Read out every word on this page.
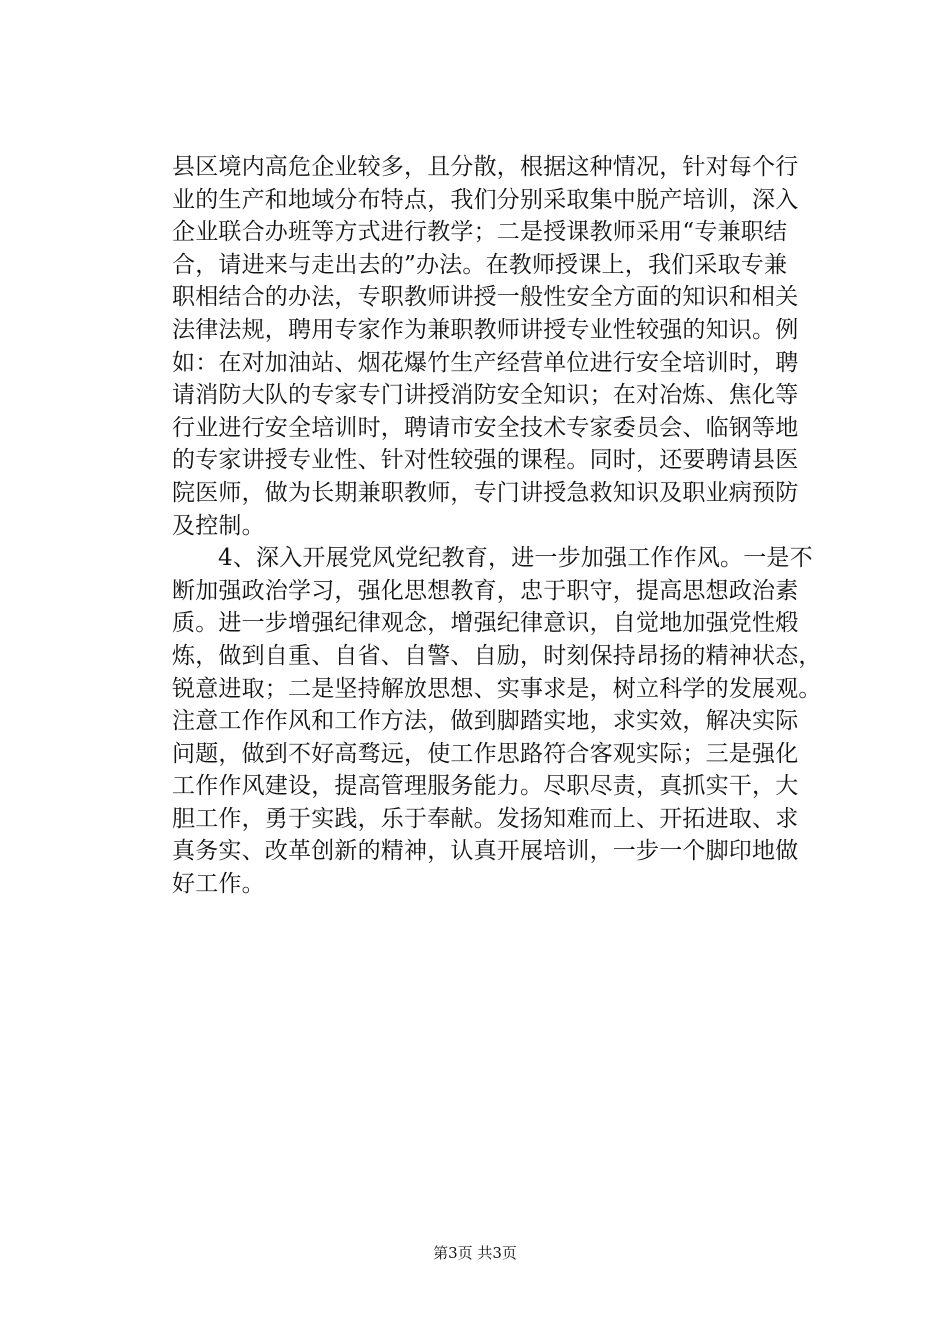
县区境内高危企业较多，且分散，根据这种情况，针对每个行
业的生产和地域分布特点，我们分别采取集中脱产培训，深入
企业联合办班等方式进行教学；二是授课教师采用“专兼职结
合，请进来与走出去的”办法。在教师授课上，我们采取专兼
职相结合的办法，专职教师讲授一般性安全方面的知识和相关
法律法规，聘用专家作为兼职教师讲授专业性较强的知识。例
如：在对加油站、烟花爆竹生产经营单位进行安全培训时，聘
请消防大队的专家专门讲授消防安全知识；在对冶炼、焦化等
行业进行安全培训时，聘请市安全技术专家委员会、临钢等地
的专家讲授专业性、针对性较强的课程。同时，还要聘请县医
院医师，做为长期兼职教师，专门讲授急救知识及职业病预防
及控制。
4、深入开展党风党纪教育，进一步加强工作作风。一是不
断加强政治学习，强化思想教育，忠于职守，提高思想政治素
质。进一步增强纪律观念，增强纪律意识，自觉地加强党性煅
炼，做到自重、自省、自警、自励，时刻保持昂扬的精神状态，
锐意进取；二是坚持解放思想、实事求是，树立科学的发展观。
注意工作作风和工作方法，做到脚踏实地，求实效，解决实际
问题，做到不好高骛远，使工作思路符合客观实际；三是强化
工作作风建设，提高管理服务能力。尽职尽责，真抓实干，大
胆工作，勇于实践，乐于奉献。发扬知难而上、开拓进取、求
真务实、改革创新的精神，认真开展培训，一步一个脚印地做
好工作。
第3页 共3页
